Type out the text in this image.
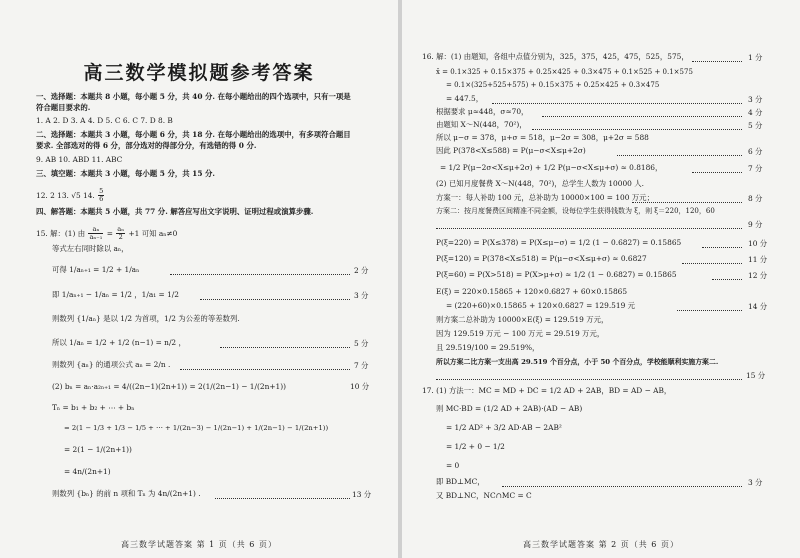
高三数学模拟题参考答案
一、选择题：本题共 8 小题，每小题 5 分，共 40 分. 在每小题给出的四个选项中，只有一项是
符合题目要求的.
1. A 2. D 3. A 4. D 5. C 6. C 7. D 8. B
二、选择题：本题共 3 小题，每小题 6 分，共 18 分. 在每小题给出的选项中，有多项符合题目
要求. 全部选对的得 6 分，部分选对的得部分分，有选错的得 0 分.
9. AB 10. ABD 11. ABC
三、填空题：本题共 3 小题，每小题 5 分，共 15 分.
12. 2 13. √5 14. $\frac{5}{6}$
四、解答题：本题共 5 小题，共 77 分. 解答应写出文字说明、证明过程或演算步骤.
15. 解：(1) 由 $\frac{\text{aₙ}}{\text{aₙ₋₁}} = \frac{\text{aₙ}}{2} +1$ 可知 aₙ≠0
等式左右同时除以 aₙ，
可得 1/aₙ₊₁ = 1/2 + 1/aₙ	2 分
即 1/aₙ₊₁ − 1/aₙ = 1/2 ，1/a₁ = 1/2	3 分
则数列 {1/aₙ} 是以 1/2 为首项，1/2 为公差的等差数列.
所以 1/aₙ = 1/2 + 1/2 (n−1) = n/2 ，	5 分
则数列 {aₙ} 的通项公式 aₙ = 2/n .	7 分
(2) bₙ = aₙ·a₂ₙ₊₁ = 4/((2n−1)(2n+1)) = 2(1/(2n−1) − 1/(2n+1))	10 分
Tₙ = b₁ + b₂ + ⋯ + bₙ
= 2(1 − 1/3 + 1/3 − 1/5 + ⋯ + 1/(2n−3) − 1/(2n−1) + 1/(2n−1) − 1/(2n+1))
= 2(1 − 1/(2n+1))
= 4n/(2n+1)
则数列 {bₙ} 的前 n 项和 Tₙ 为 4n/(2n+1) .	13 分
高三数学试题答案 第 1 页（共 6 页）
16. 解：(1) 由题知，各组中点值分别为，325，375，425，475，525，575，	1 分
x̄ = 0.1×325 + 0.15×375 + 0.25×425 + 0.3×475 + 0.1×525 + 0.1×575
= 0.1×(325+525+575) + 0.15×375 + 0.25×425 + 0.3×475
= 447.5，	3 分
根据要求 μ≈448，σ≈70，	4 分
由题知 X～N(448，70²)，	5 分
所以 μ−σ = 378，μ+σ = 518，μ−2σ = 308，μ+2σ = 588
因此 P(378<X≤588) = P(μ−σ<X≤μ+2σ)	6 分
= 1/2 P(μ−2σ<X≤μ+2σ) + 1/2 P(μ−σ<X≤μ+σ) ≈ 0.8186，	7 分
(2) 已知月度餐费 X～N(448，70²)，总学生人数为 10000 人.
方案一：每人补助 100 元，总补助为 10000×100 = 100 万元；	8 分
方案二：按月度餐费区间精准不同金额，设每位学生获得钱数为 ξ，则 ξ＝220，120，60
9 分
P(ξ=220) = P(X≤378) = P(X≤μ−σ) = 1/2 (1 − 0.6827) = 0.15865	10 分
P(ξ=120) = P(378<X≤518) = P(μ−σ<X≤μ+σ) ≈ 0.6827	11 分
P(ξ=60) = P(X>518) = P(X>μ+σ) ≈ 1/2 (1 − 0.6827) = 0.15865	12 分
E(ξ) = 220×0.15865 + 120×0.6827 + 60×0.15865
= (220+60)×0.15865 + 120×0.6827 = 129.519 元	14 分
则方案二总补助为 10000×E(ξ) = 129.519 万元，
因为 129.519 万元 − 100 万元 = 29.519 万元，
且 29.519/100 = 29.519%，
所以方案二比方案一支出高 29.519 个百分点，小于 50 个百分点，学校能顺利实施方案二.
15 分
17. (1) 方法一：MC = MD + DC = 1/2 AD + 2AB，BD = AD − AB，
则 MC·BD = (1/2 AD + 2AB)·(AD − AB)
= 1/2 AD² + 3/2 AD·AB − 2AB²
= 1/2 + 0 − 1/2
= 0
即 BD⊥MC，	3 分
又 BD⊥NC，NC∩MC = C
高三数学试题答案 第 2 页（共 6 页）
